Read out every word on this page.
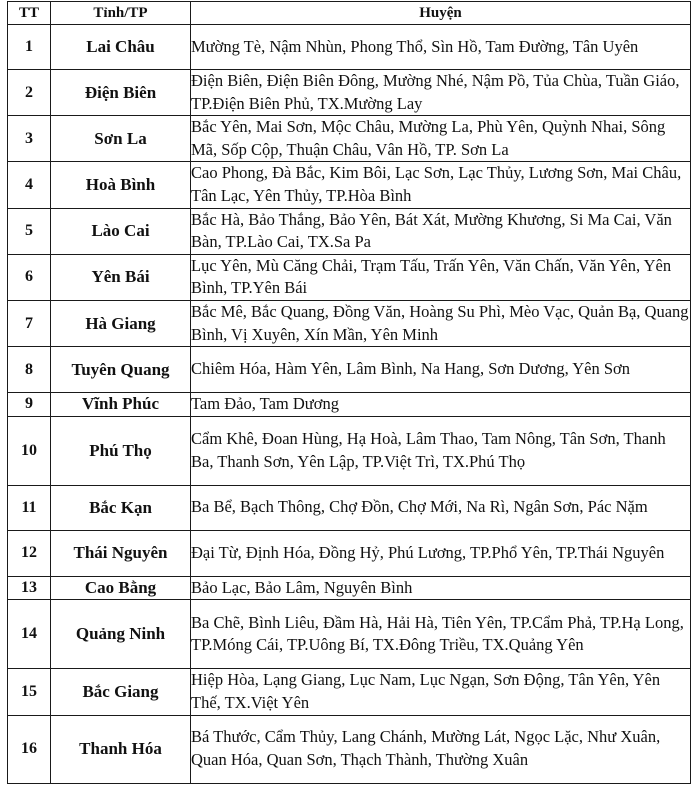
TT	Tỉnh/TP	Huyện
1	Lai Châu	Mường Tè, Nậm Nhùn, Phong Thổ, Sìn Hồ, Tam Đường, Tân Uyên
2	Điện Biên	Điện Biên, Điện Biên Đông, Mường Nhé, Nậm Pồ, Tủa Chùa, Tuần Giáo, TP.Điện Biên Phủ, TX.Mường Lay
3	Sơn La	Bắc Yên, Mai Sơn, Mộc Châu, Mường La, Phù Yên, Quỳnh Nhai, Sông Mã, Sốp Cộp, Thuận Châu, Vân Hồ, TP. Sơn La
4	Hoà Bình	Cao Phong, Đà Bắc, Kim Bôi, Lạc Sơn, Lạc Thủy, Lương Sơn, Mai Châu, Tân Lạc, Yên Thủy, TP.Hòa Bình
5	Lào Cai	Bắc Hà, Bảo Thắng, Bảo Yên, Bát Xát, Mường Khương, Si Ma Cai, Văn Bàn, TP.Lào Cai, TX.Sa Pa
6	Yên Bái	Lục Yên, Mù Căng Chải, Trạm Tấu, Trấn Yên, Văn Chấn, Văn Yên, Yên Bình, TP.Yên Bái
7	Hà Giang	Bắc Mê, Bắc Quang, Đồng Văn, Hoàng Su Phì, Mèo Vạc, Quản Bạ, Quang Bình, Vị Xuyên, Xín Mần, Yên Minh
8	Tuyên Quang	Chiêm Hóa, Hàm Yên, Lâm Bình, Na Hang, Sơn Dương, Yên Sơn
9	Vĩnh Phúc	Tam Đảo, Tam Dương
10	Phú Thọ	Cẩm Khê, Đoan Hùng, Hạ Hoà, Lâm Thao, Tam Nông, Tân Sơn, Thanh Ba, Thanh Sơn, Yên Lập, TP.Việt Trì, TX.Phú Thọ
11	Bắc Kạn	Ba Bể, Bạch Thông, Chợ Đồn, Chợ Mới, Na Rì, Ngân Sơn, Pác Nặm
12	Thái Nguyên	Đại Từ, Định Hóa, Đồng Hỷ, Phú Lương, TP.Phổ Yên, TP.Thái Nguyên
13	Cao Bằng	Bảo Lạc, Bảo Lâm, Nguyên Bình
14	Quảng Ninh	Ba Chẽ, Bình Liêu, Đầm Hà, Hải Hà, Tiên Yên, TP.Cẩm Phả, TP.Hạ Long, TP.Móng Cái, TP.Uông Bí, TX.Đông Triều, TX.Quảng Yên
15	Bắc Giang	Hiệp Hòa, Lạng Giang, Lục Nam, Lục Ngạn, Sơn Động, Tân Yên, Yên Thế, TX.Việt Yên
16	Thanh Hóa	Bá Thước, Cẩm Thủy, Lang Chánh, Mường Lát, Ngọc Lặc, Như Xuân, Quan Hóa, Quan Sơn, Thạch Thành, Thường Xuân
